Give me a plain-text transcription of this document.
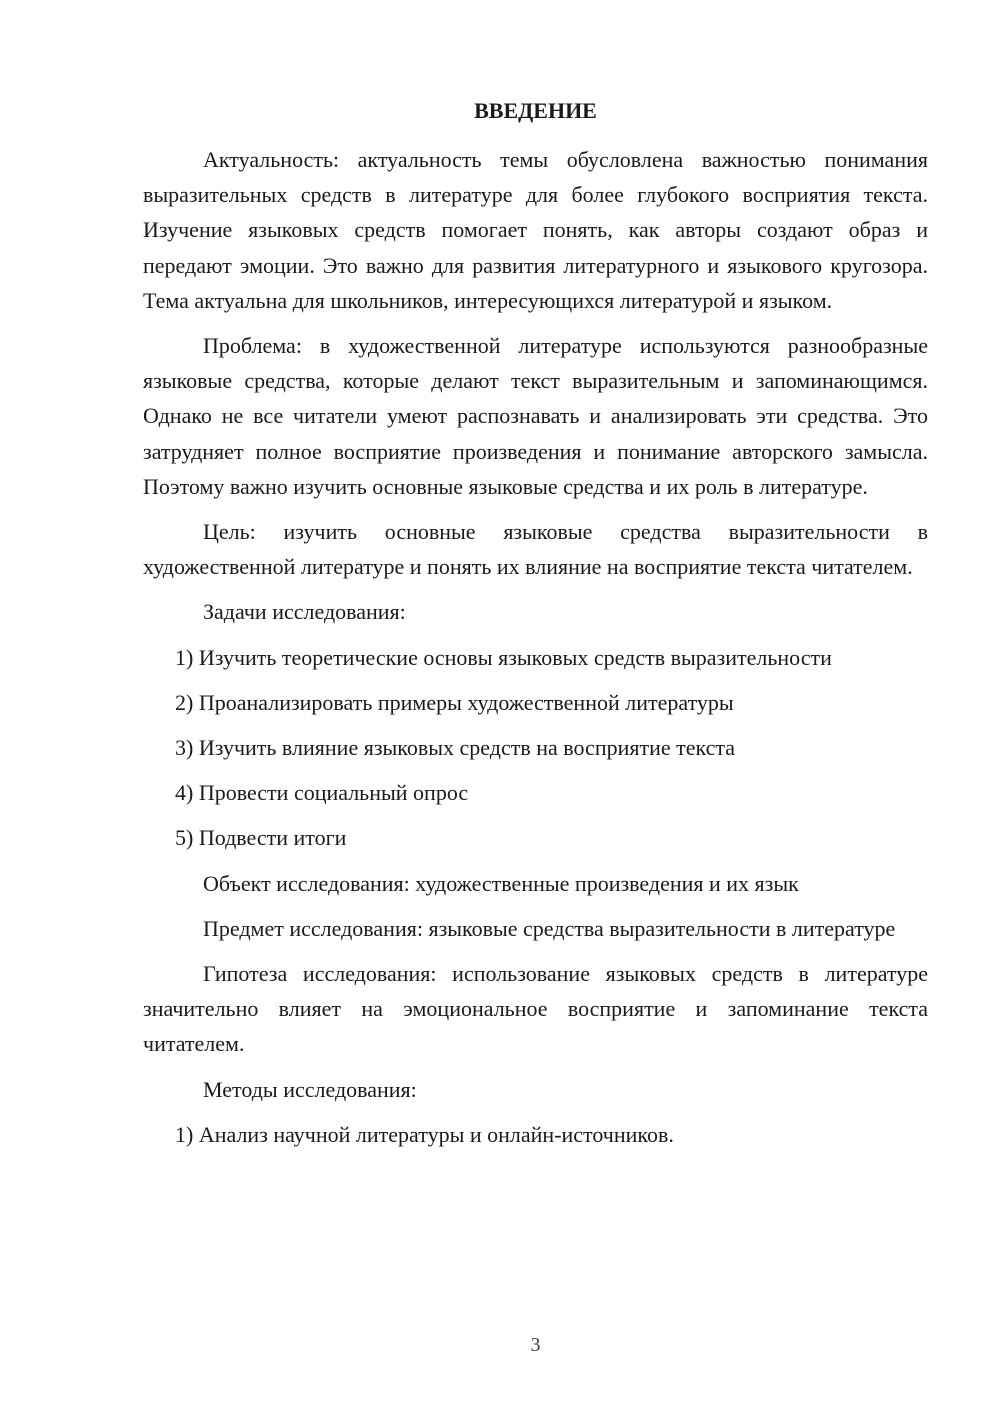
ВВЕДЕНИЕ

Актуальность: актуальность темы обусловлена важностью понимания выразительных средств в литературе для более глубокого восприятия текста. Изучение языковых средств помогает понять, как авторы создают образ и передают эмоции. Это важно для развития литературного и языкового кругозора. Тема актуальна для школьников, интересующихся литературой и языком.

Проблема: в художественной литературе используются разнообразные языковые средства, которые делают текст выразительным и запоминающимся. Однако не все читатели умеют распознавать и анализировать эти средства. Это затрудняет полное восприятие произведения и понимание авторского замысла. Поэтому важно изучить основные языковые средства и их роль в литературе.

Цель: изучить основные языковые средства выразительности в художественной литературе и понять их влияние на восприятие текста читателем.

Задачи исследования:

1) Изучить теоретические основы языковых средств выразительности

2) Проанализировать примеры художественной литературы

3) Изучить влияние языковых средств на восприятие текста

4) Провести социальный опрос

5) Подвести итоги

Объект исследования: художественные произведения и их язык

Предмет исследования: языковые средства выразительности в литературе

Гипотеза исследования: использование языковых средств в литературе значительно влияет на эмоциональное восприятие и запоминание текста читателем.

Методы исследования:

1) Анализ научной литературы и онлайн-источников.

3
